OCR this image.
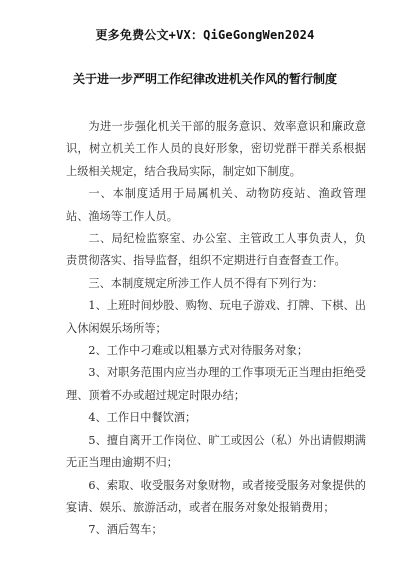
更多免费公文+VX：QiGeGongWen2024
关于进一步严明工作纪律改进机关作风的暂行制度

为进一步强化机关干部的服务意识、效率意识和廉政意识，树立机关工作人员的良好形象，密切党群干群关系根据上级相关规定，结合我局实际，制定如下制度。

一、本制度适用于局属机关、动物防疫站、渔政管理站、渔场等工作人员。

二、局纪检监察室、办公室、主管政工人事负责人，负责贯彻落实、指导监督，组织不定期进行自查督查工作。

三、本制度规定所涉工作人员不得有下列行为：

1、上班时间炒股、购物、玩电子游戏、打牌、下棋、出入休闲娱乐场所等；

2、工作中刁难或以粗暴方式对待服务对象；

3、对职务范围内应当办理的工作事项无正当理由拒绝受理、顶着不办或超过规定时限办结；

4、工作日中餐饮酒；

5、擅自离开工作岗位、旷工或因公（私）外出请假期满无正当理由逾期不归；

6、索取、收受服务对象财物，或者接受服务对象提供的宴请、娱乐、旅游活动，或者在服务对象处报销费用；

7、酒后驾车；
